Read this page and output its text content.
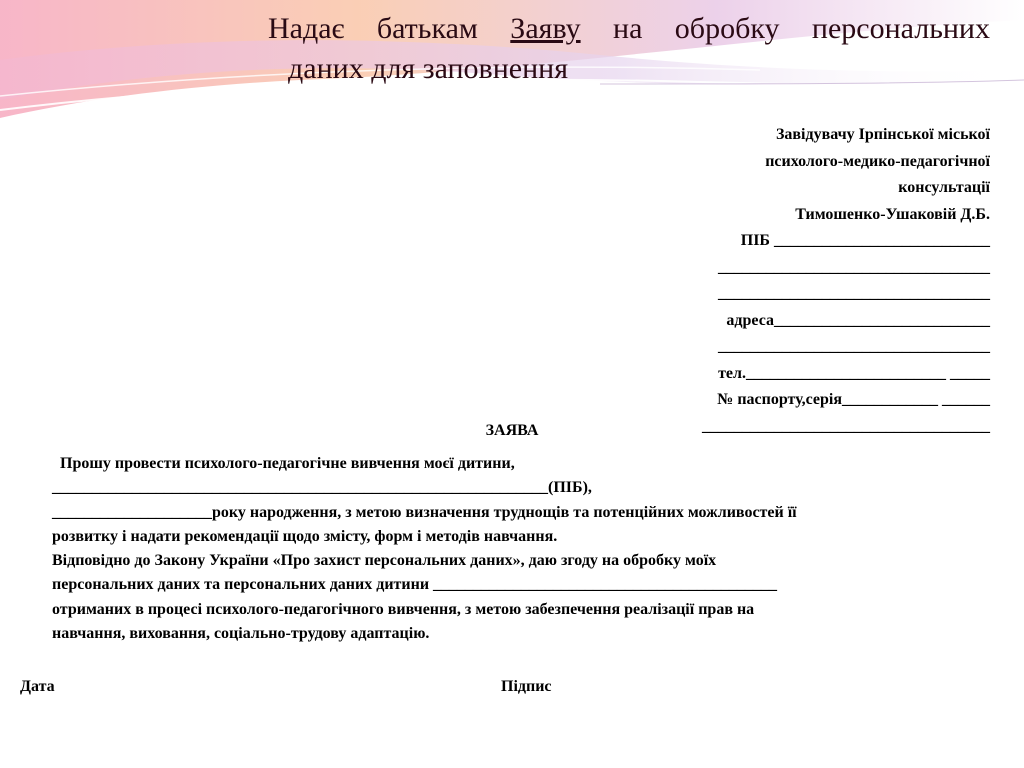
Надає батькам Заяву на обробку персональних
даних для заповнення
Завідувачу Ірпінської міської
психолого-медико-педагогічної
консультації
Тимошенко-Ушаковій Д.Б.
ПІБ ___________________________
__________________________________
__________________________________
адреса___________________________
__________________________________
тел._________________________ _____
№ паспорту,серія____________ ______
____________________________________
ЗАЯВА
Прошу провести психолого-педагогічне вивчення моєї дитини,
______________________________________________________________(ПІБ),
____________________року народження, з метою визначення труднощів та потенційних можливостей її
розвитку і надати рекомендації щодо змісту, форм і методів навчання.
Відповідно до Закону України «Про захист персональних даних», даю згоду на обробку моїх
персональних даних та персональних даних дитини ___________________________________________
отриманих в процесі психолого-педагогічного вивчення, з метою забезпечення реалізації прав на
навчання, виховання, соціально-трудову адаптацію.
Дата	Підпис
